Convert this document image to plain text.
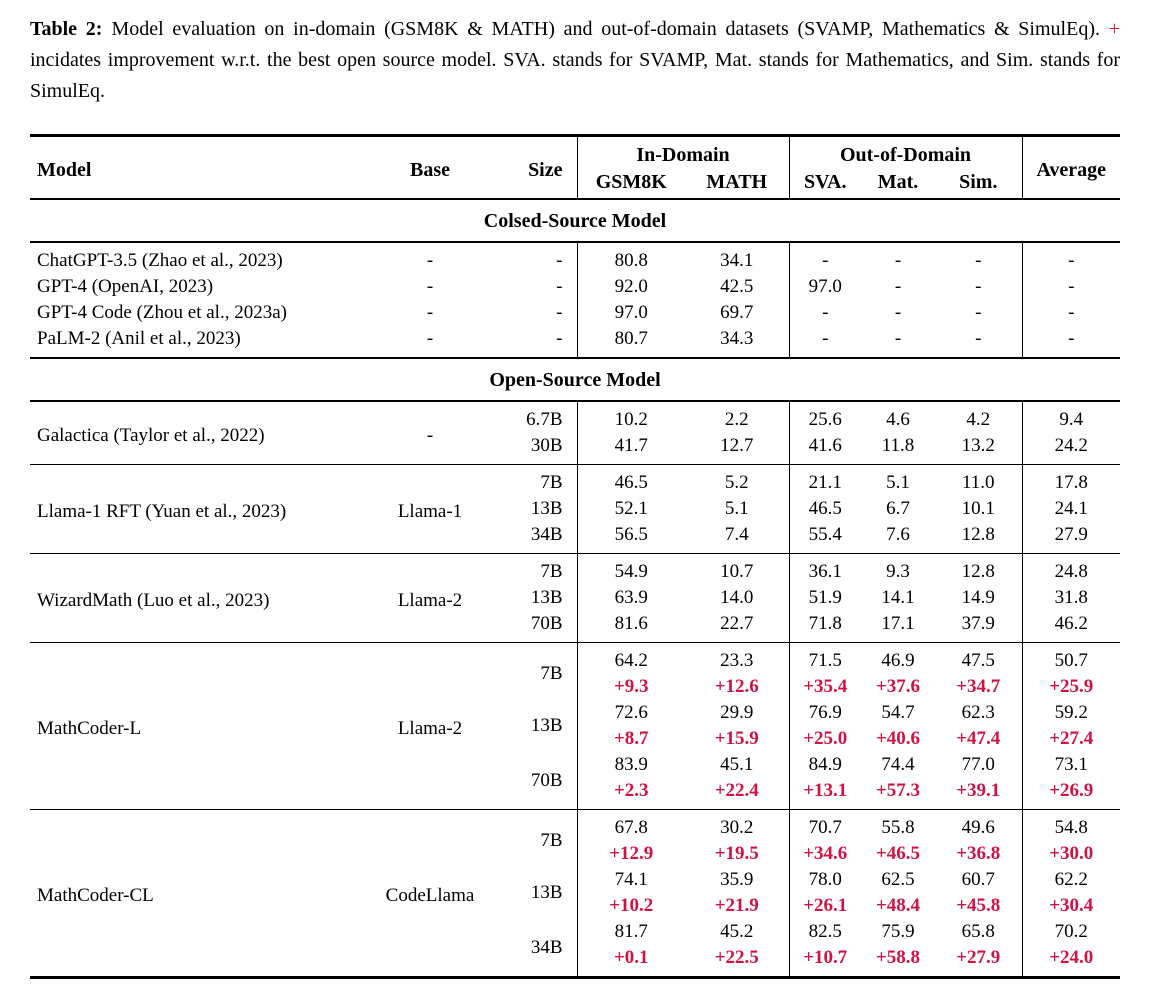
Table 2: Model evaluation on in-domain (GSM8K & MATH) and out-of-domain datasets (SVAMP, Mathematics & SimulEq). + incidates improvement w.r.t. the best open source model. SVA. stands for SVAMP, Mat. stands for Mathematics, and Sim. stands for SimulEq.

Model	Base	Size	In-Domain		Out-of-Domain			Average
			GSM8K	MATH	SVA.	Mat.	Sim.	

Colsed-Source Model								

ChatGPT-3.5 (Zhao et al., 2023)	-	-	80.8	34.1	-	-	-	-
GPT-4 (OpenAI, 2023)	-	-	92.0	42.5	97.0	-	-	-
GPT-4 Code (Zhou et al., 2023a)	-	-	97.0	69.7	-	-	-	-
PaLM-2 (Anil et al., 2023)	-	-	80.7	34.3	-	-	-	-

Open-Source Model								

Galactica (Taylor et al., 2022)	-	6.7B	10.2	2.2	25.6	4.6	4.2	9.4
		30B	41.7	12.7	41.6	11.8	13.2	24.2

Llama-1 RFT (Yuan et al., 2023)	Llama-1	7B	46.5	5.2	21.1	5.1	11.0	17.8
		13B	52.1	5.1	46.5	6.7	10.1	24.1
		34B	56.5	7.4	55.4	7.6	12.8	27.9

WizardMath (Luo et al., 2023)	Llama-2	7B	54.9	10.7	36.1	9.3	12.8	24.8
		13B	63.9	14.0	51.9	14.1	14.9	31.8
		70B	81.6	22.7	71.8	17.1	37.9	46.2

MathCoder-L	Llama-2	7B	64.2	23.3	71.5	46.9	47.5	50.7
			+9.3	+12.6	+35.4	+37.6	+34.7	+25.9
		13B	72.6	29.9	76.9	54.7	62.3	59.2
			+8.7	+15.9	+25.0	+40.6	+47.4	+27.4
		70B	83.9	45.1	84.9	74.4	77.0	73.1
			+2.3	+22.4	+13.1	+57.3	+39.1	+26.9

MathCoder-CL	CodeLlama	7B	67.8	30.2	70.7	55.8	49.6	54.8
			+12.9	+19.5	+34.6	+46.5	+36.8	+30.0
		13B	74.1	35.9	78.0	62.5	60.7	62.2
			+10.2	+21.9	+26.1	+48.4	+45.8	+30.4
		34B	81.7	45.2	82.5	75.9	65.8	70.2
			+0.1	+22.5	+10.7	+58.8	+27.9	+24.0
